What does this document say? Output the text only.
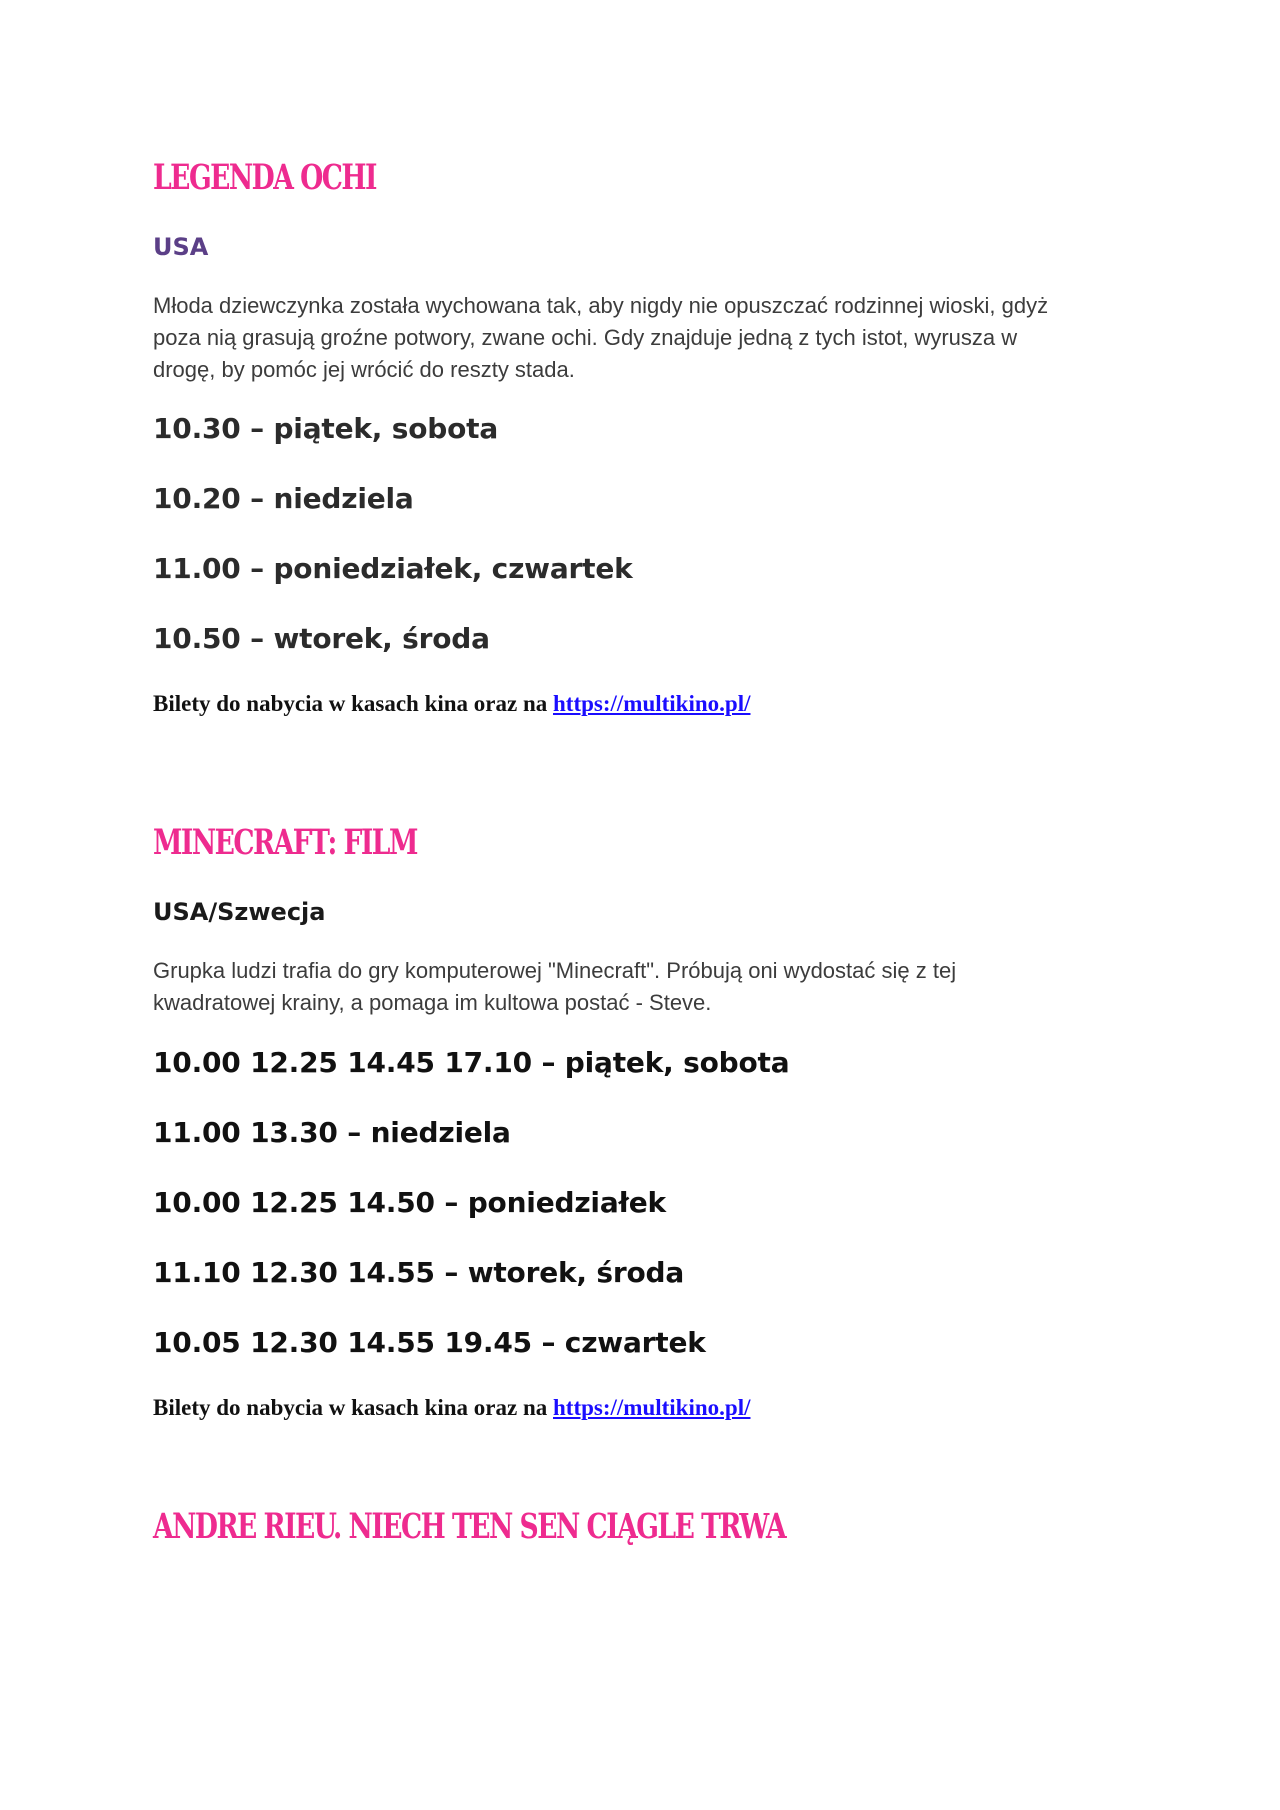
LEGENDA OCHI
USA
Młoda dziewczynka została wychowana tak, aby nigdy nie opuszczać rodzinnej wioski, gdyż
poza nią grasują groźne potwory, zwane ochi. Gdy znajduje jedną z tych istot, wyrusza w
drogę, by pomóc jej wrócić do reszty stada.
10.30 – piątek, sobota
10.20 – niedziela
11.00 – poniedziałek, czwartek
10.50 – wtorek, środa
Bilety do nabycia w kasach kina oraz na https://multikino.pl/
MINECRAFT: FILM
USA/Szwecja
Grupka ludzi trafia do gry komputerowej "Minecraft". Próbują oni wydostać się z tej
kwadratowej krainy, a pomaga im kultowa postać - Steve.
10.00 12.25 14.45 17.10 – piątek, sobota
11.00 13.30 – niedziela
10.00 12.25 14.50 – poniedziałek
11.10 12.30 14.55 – wtorek, środa
10.05 12.30 14.55 19.45 – czwartek
Bilety do nabycia w kasach kina oraz na https://multikino.pl/
ANDRE RIEU. NIECH TEN SEN CIĄGLE TRWA
